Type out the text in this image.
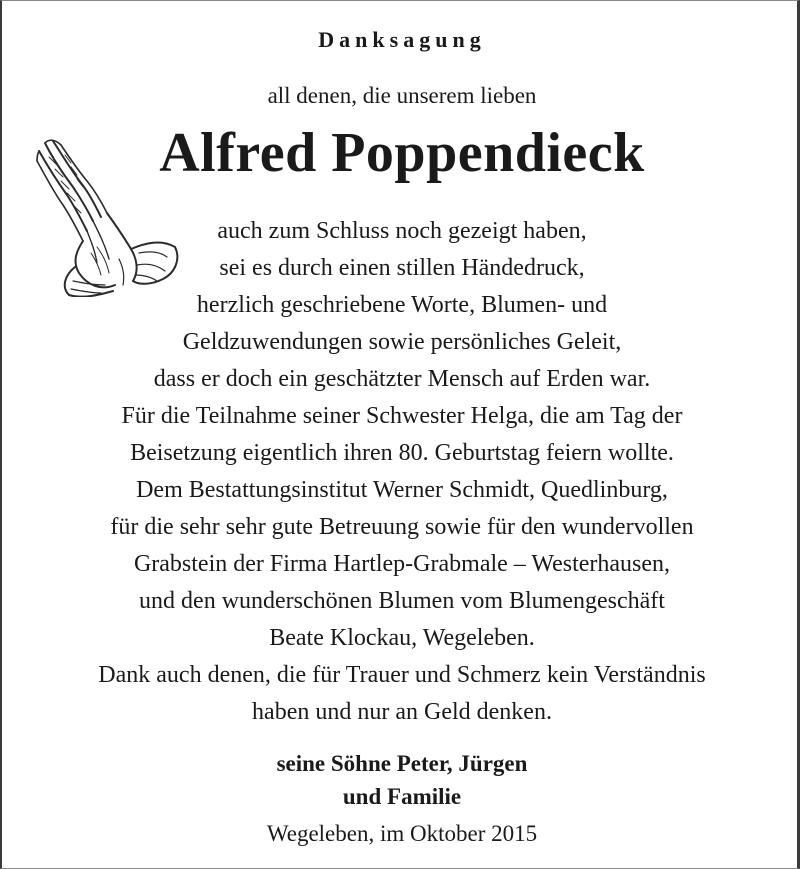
Danksagung
all denen, die unserem lieben
Alfred Poppendieck
auch zum Schluss noch gezeigt haben,
sei es durch einen stillen Händedruck,
herzlich geschriebene Worte, Blumen- und
Geldzuwendungen sowie persönliches Geleit,
dass er doch ein geschätzter Mensch auf Erden war.
Für die Teilnahme seiner Schwester Helga, die am Tag der
Beisetzung eigentlich ihren 80. Geburtstag feiern wollte.
Dem Bestattungsinstitut Werner Schmidt, Quedlinburg,
für die sehr sehr gute Betreuung sowie für den wundervollen
Grabstein der Firma Hartlep-Grabmale – Westerhausen,
und den wunderschönen Blumen vom Blumengeschäft
Beate Klockau, Wegeleben.
Dank auch denen, die für Trauer und Schmerz kein Verständnis
haben und nur an Geld denken.
seine Söhne Peter, Jürgen
und Familie
Wegeleben, im Oktober 2015
